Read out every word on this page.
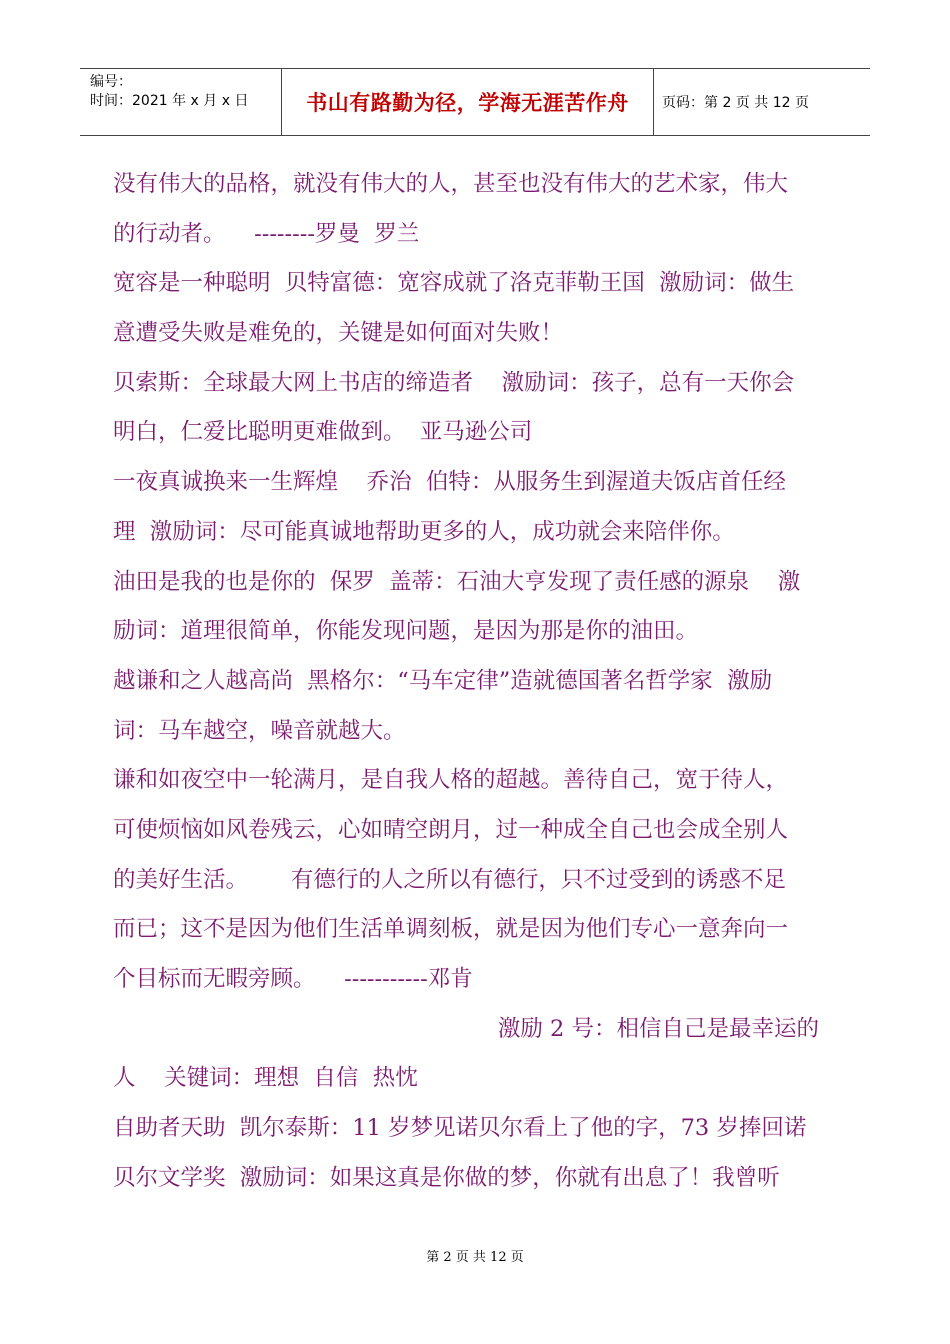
编号：
时间：2021 年 x 月 x 日	书山有路勤为径，学海无涯苦作舟	页码：第 2 页 共 12 页
没有伟大的品格，就没有伟大的人，甚至也没有伟大的艺术家，伟大
的行动者。    --------罗曼  罗兰
宽容是一种聪明  贝特富德：宽容成就了洛克菲勒王国  激励词：做生
意遭受失败是难免的，关键是如何面对失败！
贝索斯：全球最大网上书店的缔造者    激励词：孩子，总有一天你会
明白，仁爱比聪明更难做到。  亚马逊公司
一夜真诚换来一生辉煌    乔治  伯特：从服务生到渥道夫饭店首任经
理  激励词：尽可能真诚地帮助更多的人，成功就会来陪伴你。
油田是我的也是你的  保罗  盖蒂：石油大亨发现了责任感的源泉    激
励词：道理很简单，你能发现问题，是因为那是你的油田。
越谦和之人越高尚  黑格尔：“马车定律”造就德国著名哲学家  激励
词：马车越空，噪音就越大。
谦和如夜空中一轮满月，是自我人格的超越。善待自己，宽于待人，
可使烦恼如风卷残云，心如晴空朗月，过一种成全自己也会成全别人
的美好生活。      有德行的人之所以有德行，只不过受到的诱惑不足
而已；这不是因为他们生活单调刻板，就是因为他们专心一意奔向一
个目标而无暇旁顾。    -----------邓肯
激励 2 号：相信自己是最幸运的
人    关键词：理想  自信  热忱
自助者天助  凯尔泰斯：11 岁梦见诺贝尔看上了他的字，73 岁捧回诺
贝尔文学奖  激励词：如果这真是你做的梦，你就有出息了！我曾听
第 2 页 共 12 页
